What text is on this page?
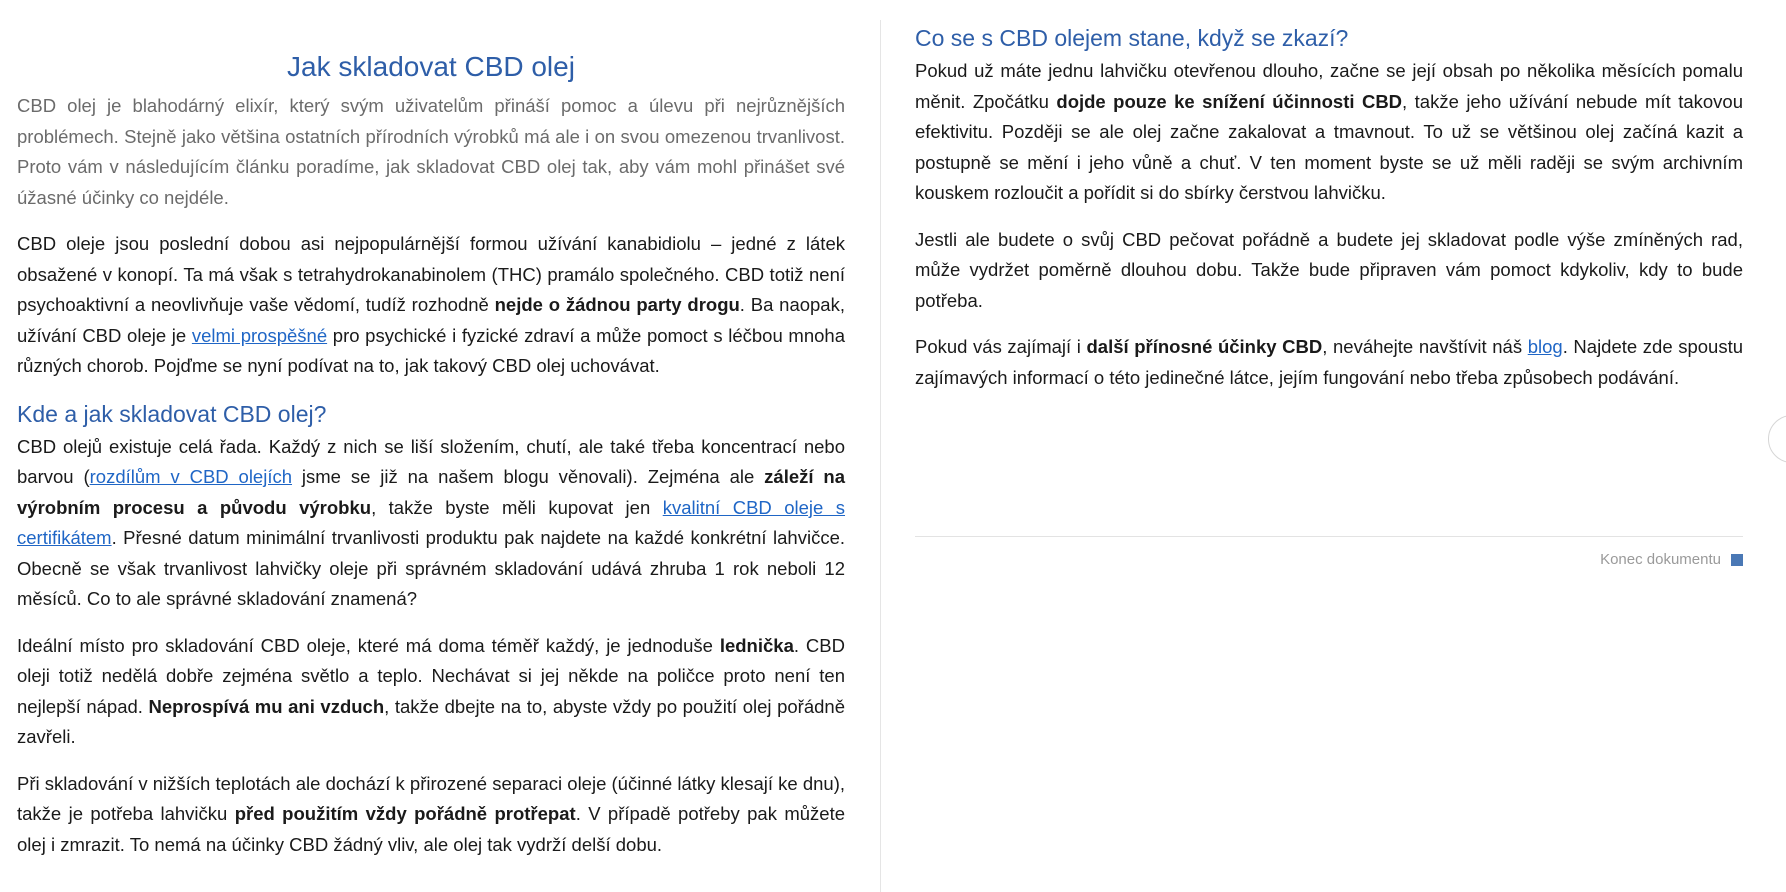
Jak skladovat CBD olej

CBD olej je blahodárný elixír, který svým uživatelům přináší pomoc a úlevu při nejrůznějších problémech. Stejně jako většina ostatních přírodních výrobků má ale i on svou omezenou trvanlivost. Proto vám v následujícím článku poradíme, jak skladovat CBD olej tak, aby vám mohl přinášet své úžasné účinky co nejdéle.

CBD oleje jsou poslední dobou asi nejpopulárnější formou užívání kanabidiolu – jedné z látek obsažené v konopí. Ta má však s tetrahydrokanabinolem (THC) pramálo společného. CBD totiž není psychoaktivní a neovlivňuje vaše vědomí, tudíž rozhodně nejde o žádnou party drogu. Ba naopak, užívání CBD oleje je velmi prospěšné pro psychické i fyzické zdraví a může pomoct s léčbou mnoha různých chorob. Pojďme se nyní podívat na to, jak takový CBD olej uchovávat.

Kde a jak skladovat CBD olej?

CBD olejů existuje celá řada. Každý z nich se liší složením, chutí, ale také třeba koncentrací nebo barvou (rozdílům v CBD olejích jsme se již na našem blogu věnovali). Zejména ale záleží na výrobním procesu a původu výrobku, takže byste měli kupovat jen kvalitní CBD oleje s certifikátem. Přesné datum minimální trvanlivosti produktu pak najdete na každé konkrétní lahvičce. Obecně se však trvanlivost lahvičky oleje při správném skladování udává zhruba 1 rok neboli 12 měsíců. Co to ale správné skladování znamená?

Ideální místo pro skladování CBD oleje, které má doma téměř každý, je jednoduše lednička. CBD oleji totiž nedělá dobře zejména světlo a teplo. Nechávat si jej někde na poličce proto není ten nejlepší nápad. Neprospívá mu ani vzduch, takže dbejte na to, abyste vždy po použití olej pořádně zavřeli.

Při skladování v nižších teplotách ale dochází k přirozené separaci oleje (účinné látky klesají ke dnu), takže je potřeba lahvičku před použitím vždy pořádně protřepat. V případě potřeby pak můžete olej i zmrazit. To nemá na účinky CBD žádný vliv, ale olej tak vydrží delší dobu.

Co se s CBD olejem stane, když se zkazí?

Pokud už máte jednu lahvičku otevřenou dlouho, začne se její obsah po několika měsících pomalu měnit. Zpočátku dojde pouze ke snížení účinnosti CBD, takže jeho užívání nebude mít takovou efektivitu. Později se ale olej začne zakalovat a tmavnout. To už se většinou olej začíná kazit a postupně se mění i jeho vůně a chuť. V ten moment byste se už měli raději se svým archivním kouskem rozloučit a pořídit si do sbírky čerstvou lahvičku.

Jestli ale budete o svůj CBD pečovat pořádně a budete jej skladovat podle výše zmíněných rad, může vydržet poměrně dlouhou dobu. Takže bude připraven vám pomoct kdykoliv, kdy to bude potřeba.

Pokud vás zajímají i další přínosné účinky CBD, neváhejte navštívit náš blog. Najdete zde spoustu zajímavých informací o této jedinečné látce, jejím fungování nebo třeba způsobech podávání.

Konec dokumentu
